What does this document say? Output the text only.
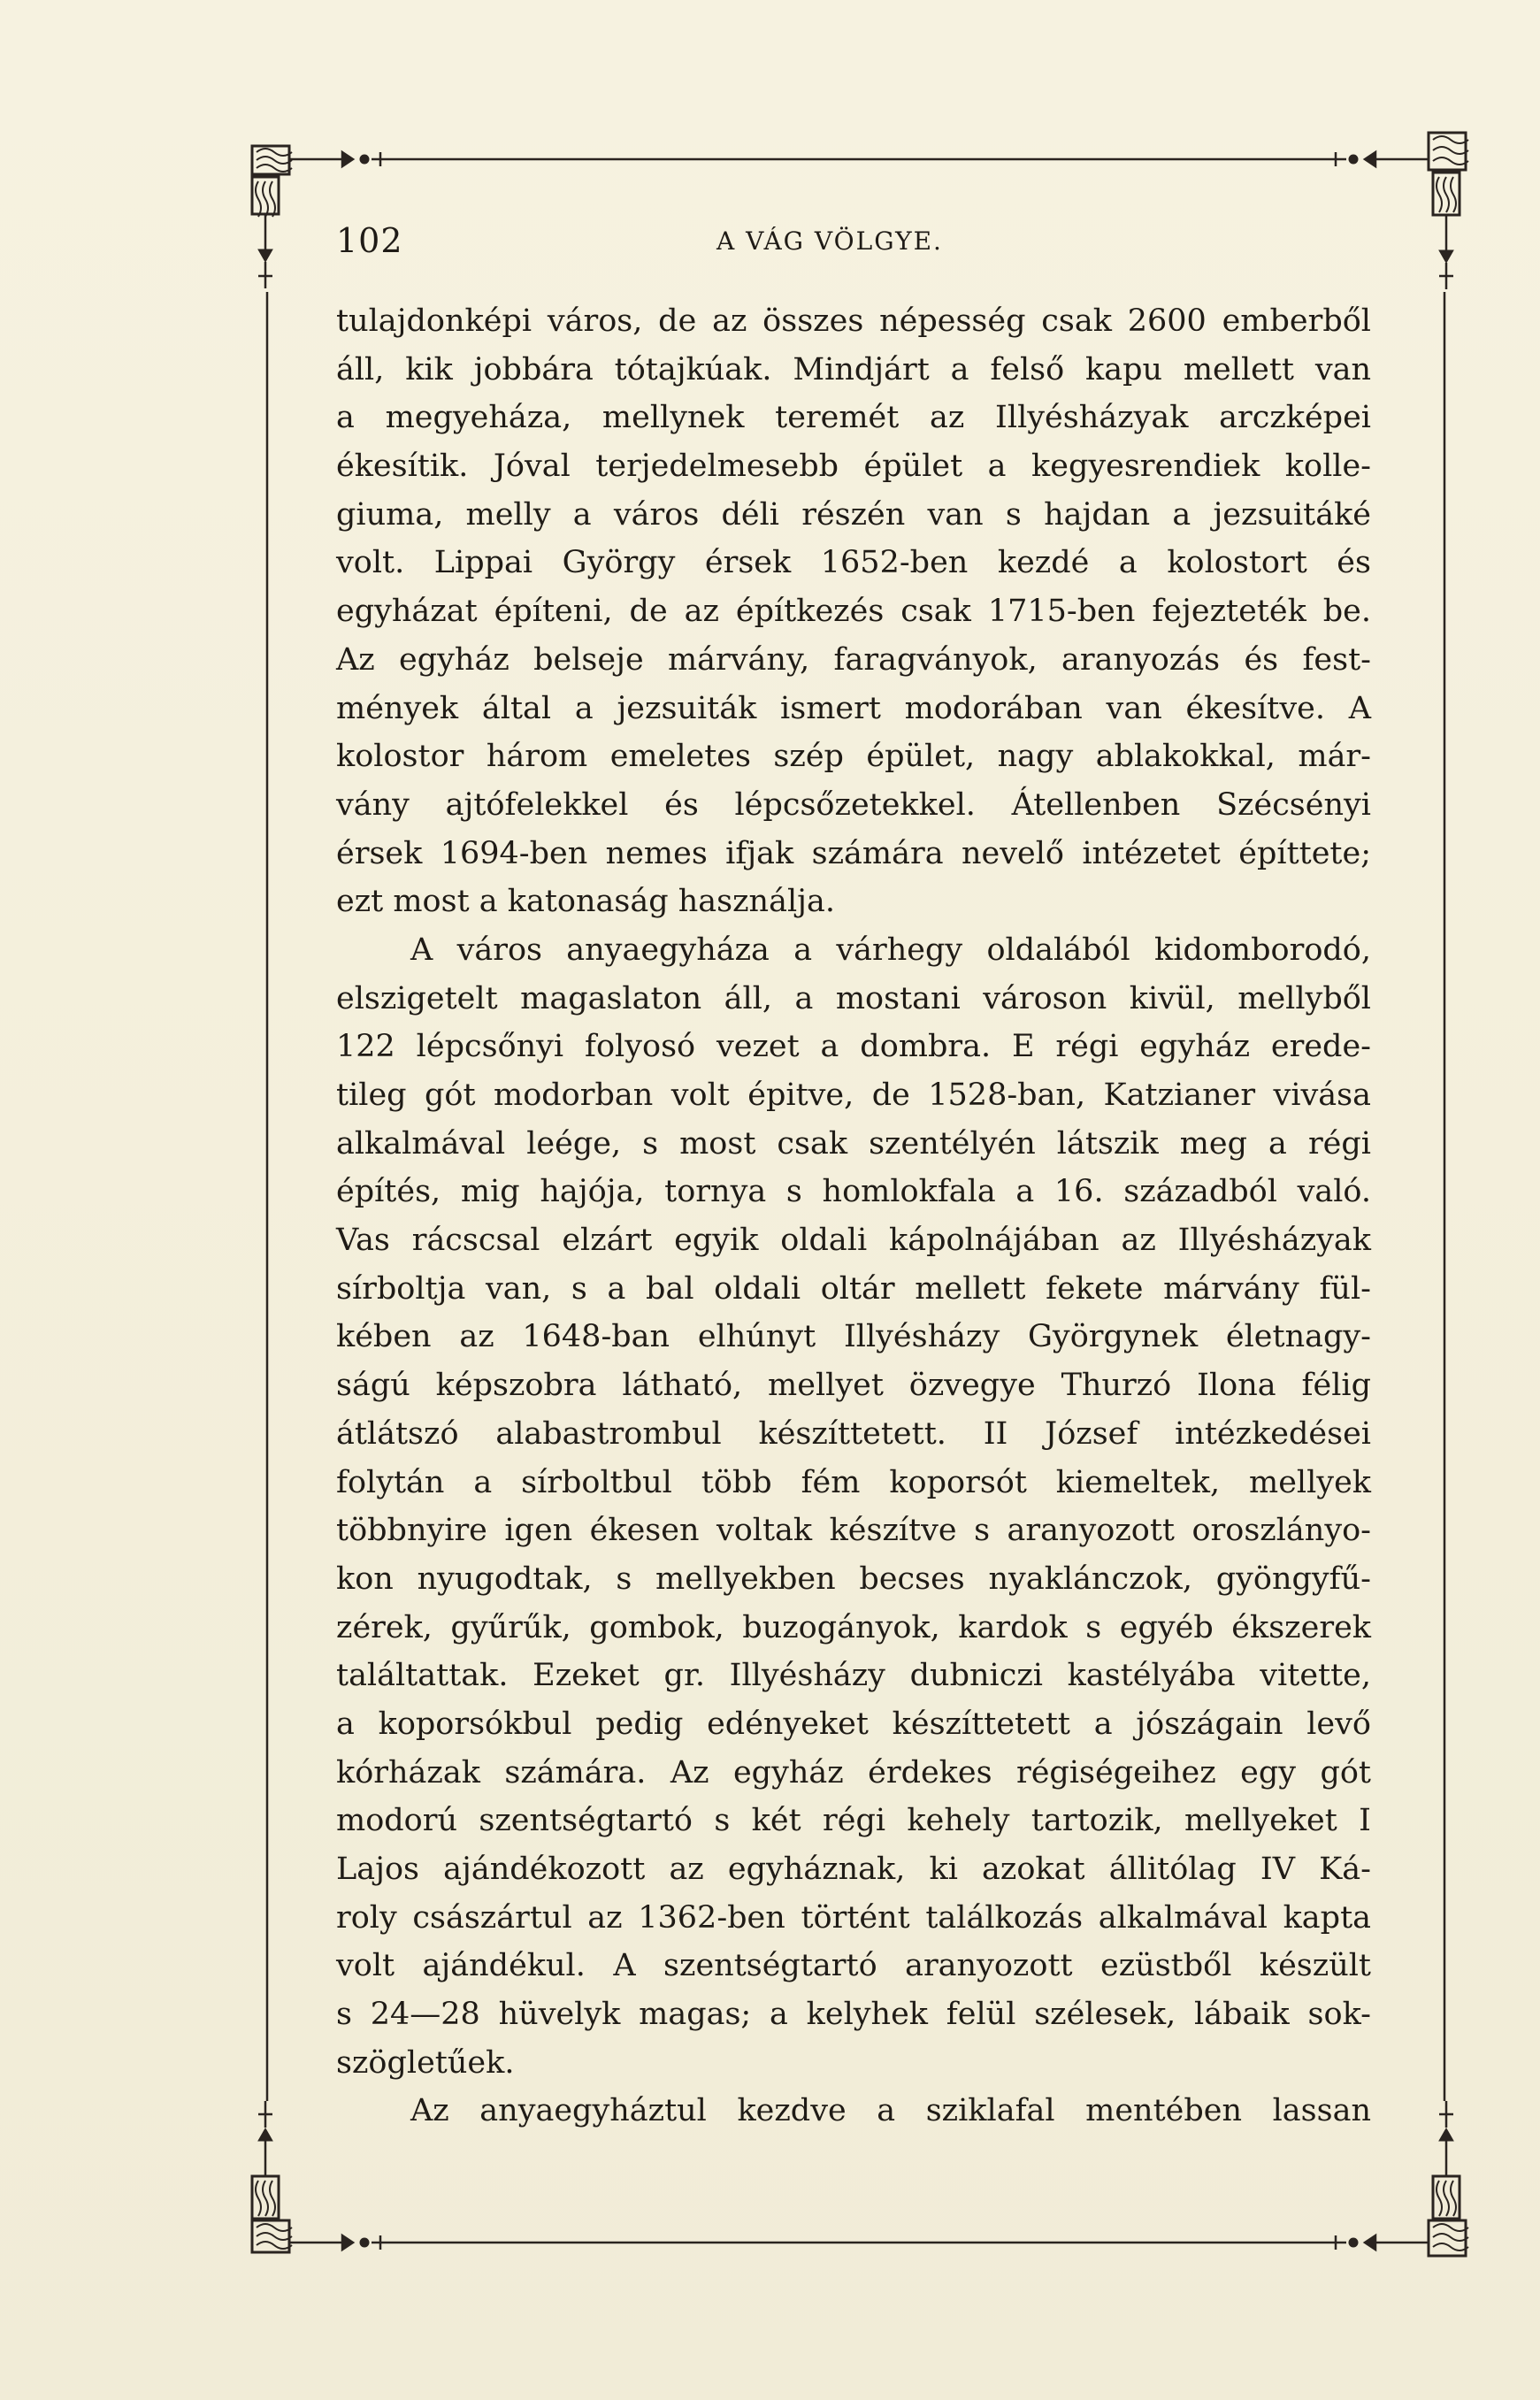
102	A VÁG VÖLGYE.
tulajdonképi város, de az összes népesség csak 2600 emberből
áll, kik jobbára tótajkúak. Mindjárt a felső kapu mellett van
a megyeháza, mellynek teremét az Illyésházyak arczképei
ékesítik. Jóval terjedelmesebb épület a kegyesrendiek kolle-
giuma, melly a város déli részén van s hajdan a jezsuitáké
volt. Lippai György érsek 1652-ben kezdé a kolostort és
egyházat építeni, de az építkezés csak 1715-ben fejezteték be.
Az egyház belseje márvány, faragványok, aranyozás és fest-
mények által a jezsuiták ismert modorában van ékesítve. A
kolostor három emeletes szép épület, nagy ablakokkal, már-
vány ajtófelekkel és lépcsőzetekkel. Átellenben Szécsényi
érsek 1694-ben nemes ifjak számára nevelő intézetet építtete;
ezt most a katonaság használja.
A város anyaegyháza a várhegy oldalából kidomborodó,
elszigetelt magaslaton áll, a mostani városon kivül, mellyből
122 lépcsőnyi folyosó vezet a dombra. E régi egyház erede-
tileg gót modorban volt épitve, de 1528-ban, Katzianer vivása
alkalmával leége, s most csak szentélyén látszik meg a régi
építés, mig hajója, tornya s homlokfala a 16. századból való.
Vas rácscsal elzárt egyik oldali kápolnájában az Illyésházyak
sírboltja van, s a bal oldali oltár mellett fekete márvány fül-
kében az 1648-ban elhúnyt Illyésházy Györgynek életnagy-
ságú képszobra látható, mellyet özvegye Thurzó Ilona félig
átlátszó alabastrombul készíttetett. II József intézkedései
folytán a sírboltbul több fém koporsót kiemeltek, mellyek
többnyire igen ékesen voltak készítve s aranyozott oroszlányo-
kon nyugodtak, s mellyekben becses nyaklánczok, gyöngyfű-
zérek, gyűrűk, gombok, buzogányok, kardok s egyéb ékszerek
találtattak. Ezeket gr. Illyésházy dubniczi kastélyába vitette,
a koporsókbul pedig edényeket készíttetett a jószágain levő
kórházak számára. Az egyház érdekes régiségeihez egy gót
modorú szentségtartó s két régi kehely tartozik, mellyeket I
Lajos ajándékozott az egyháznak, ki azokat állitólag IV Ká-
roly császártul az 1362-ben történt találkozás alkalmával kapta
volt ajándékul. A szentségtartó aranyozott ezüstből készült
s 24—28 hüvelyk magas; a kelyhek felül szélesek, lábaik sok-
szögletűek.
Az anyaegyháztul kezdve a sziklafal mentében lassan
